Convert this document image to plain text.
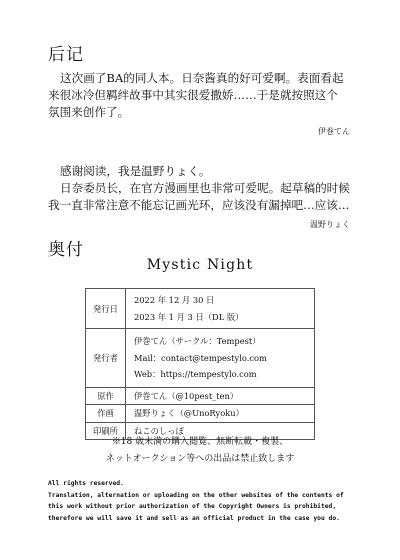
后记
这次画了BA的同人本。日奈酱真的好可爱啊。表面看起
来很冰冷但羁绊故事中其实很爱撒娇……于是就按照这个
氛围来创作了。
伊巻てん
感谢阅读，我是温野りょく。
日奈委员长，在官方漫画里也非常可爱呢。起草稿的时候
我一直非常注意不能忘记画光环，应该没有漏掉吧…应该…
温野りょく
奥付
Mystic Night
発行日	2022 年 12 月 30 日
2023 年 1 月 3 日（DL 版）

発行者	伊巻てん（サークル：Tempest）
Mail：contact@tempestylo.com
Web：https://tempestylo.com

原作	伊巻てん（@10pest_ten）

作画	温野りょく（@UnoRyoku）

印刷所	ねこのしっぽ
※18 歳未満の購入閲覧、無断転載・複製、
ネットオークション等への出品は禁止致します
All rights reserved.
Translation, alternation or uploading on the other websites of the contents of
this work without prior authorization of the Copyright Owners is prohibited,
therefore we will save it and sell as an official product in the case you do.
